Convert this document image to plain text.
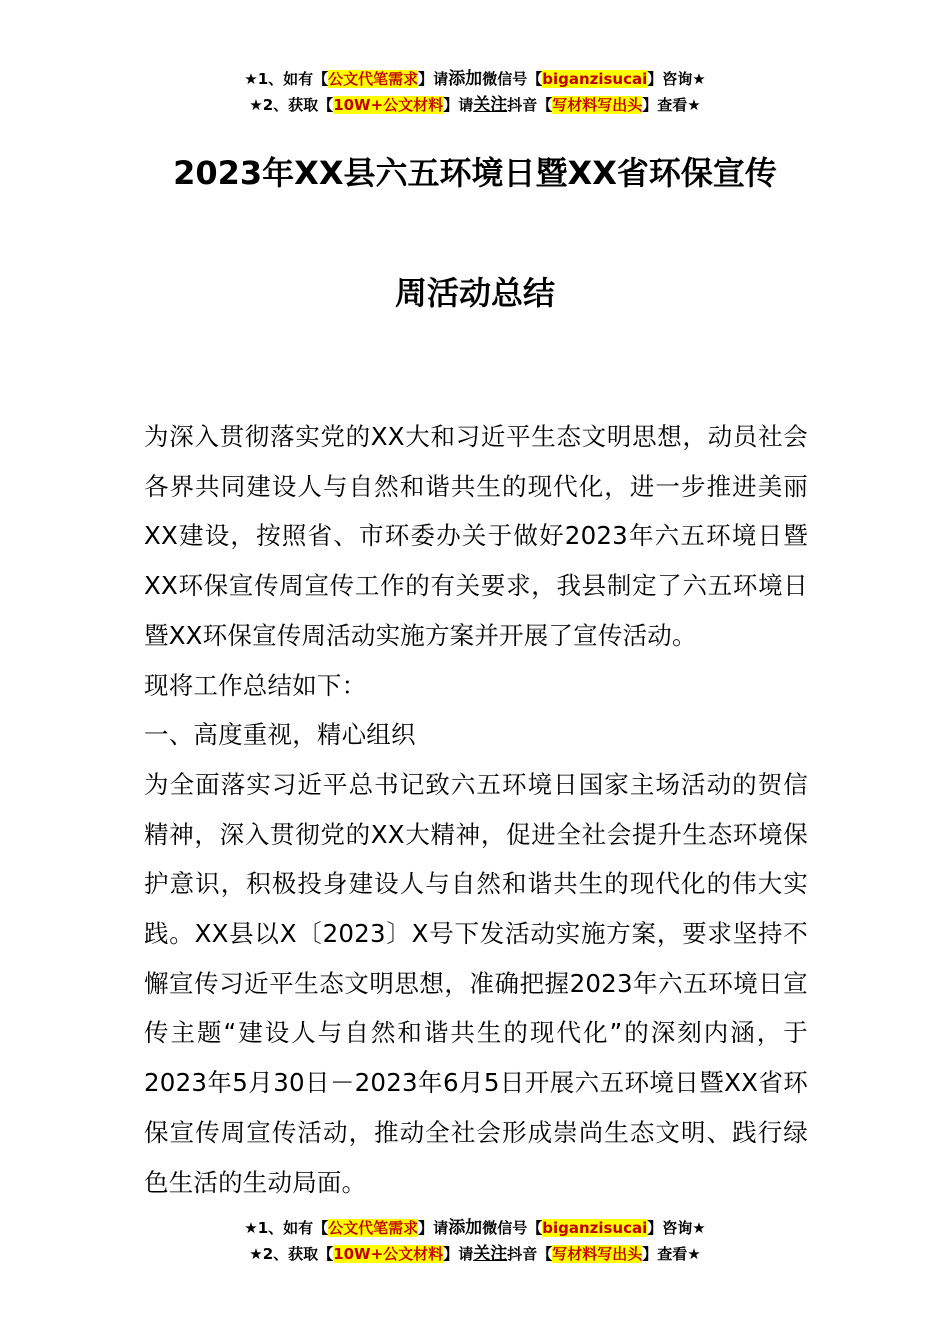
★1、如有【公文代笔需求】请添加微信号【biganzisucai】咨询★
★2、获取【10W+公文材料】请关注抖音【写材料写出头】查看★
2023年XX县六五环境日暨XX省环保宣传
周活动总结

为深入贯彻落实党的XX大和习近平生态文明思想，动员社会各界共同建设人与自然和谐共生的现代化，进一步推进美丽XX建设，按照省、市环委办关于做好2023年六五环境日暨XX环保宣传周宣传工作的有关要求，我县制定了六五环境日暨XX环保宣传周活动实施方案并开展了宣传活动。

现将工作总结如下：

一、高度重视，精心组织

为全面落实习近平总书记致六五环境日国家主场活动的贺信精神，深入贯彻党的XX大精神，促进全社会提升生态环境保护意识，积极投身建设人与自然和谐共生的现代化的伟大实践。XX县以X〔2023〕X号下发活动实施方案，要求坚持不懈宣传习近平生态文明思想，准确把握2023年六五环境日宣传主题“建设人与自然和谐共生的现代化”的深刻内涵，于2023年5月30日－2023年6月5日开展六五环境日暨XX省环保宣传周宣传活动，推动全社会形成崇尚生态文明、践行绿色生活的生动局面。

★1、如有【公文代笔需求】请添加微信号【biganzisucai】咨询★
★2、获取【10W+公文材料】请关注抖音【写材料写出头】查看★
